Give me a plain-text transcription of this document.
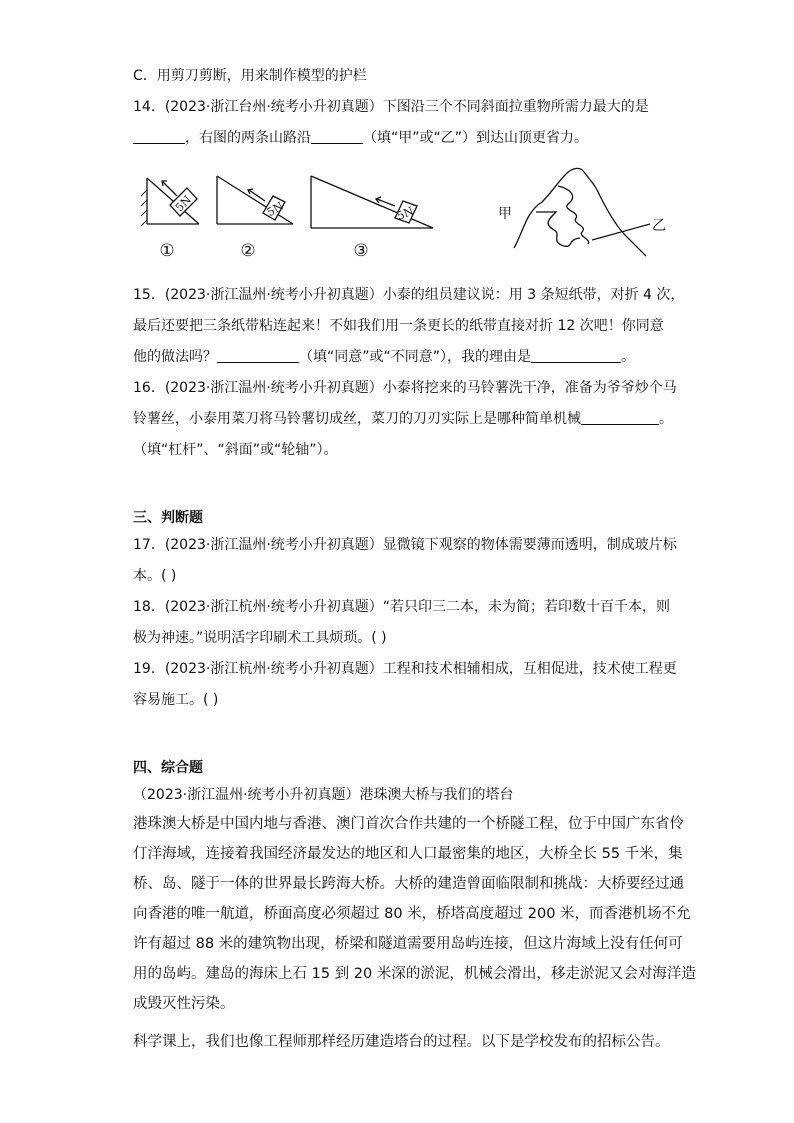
C．用剪刀剪断，用来制作模型的护栏
14．(2023·浙江台州·统考小升初真题）下图沿三个不同斜面拉重物所需力最大的是
，右图的两条山路沿	（填“甲”或“乙”）到达山顶更省力。
5N	5N	5N
①	②	③
甲
乙
15．(2023·浙江温州·统考小升初真题）小泰的组员建议说：用 3 条短纸带，对折 4 次，
最后还要把三条纸带粘连起来！不如我们用一条更长的纸带直接对折 12 次吧！你同意
他的做法吗？	（填“同意”或“不同意”），我的理由是	。
16．(2023·浙江温州·统考小升初真题）小泰将挖来的马铃薯洗干净，准备为爷爷炒个马
铃薯丝，小泰用菜刀将马铃薯切成丝，菜刀的刀刃实际上是哪种简单机械	。
（填“杠杆”、“斜面”或“轮轴”）。
三、判断题
17．(2023·浙江温州·统考小升初真题）显微镜下观察的物体需要薄而透明，制成玻片标
本。( )
18．(2023·浙江杭州·统考小升初真题）“若只印三二本，未为简；若印数十百千本，则
极为神速。”说明活字印刷术工具烦琐。( )
19．(2023·浙江杭州·统考小升初真题）工程和技术相辅相成，互相促进，技术使工程更
容易施工。( )
四、综合题
（2023·浙江温州·统考小升初真题）港珠澳大桥与我们的塔台
港珠澳大桥是中国内地与香港、澳门首次合作共建的一个桥隧工程，位于中国广东省伶
仃洋海域，连接着我国经济最发达的地区和人口最密集的地区，大桥全长 55 千米，集
桥、岛、隧于一体的世界最长跨海大桥。大桥的建造曾面临限制和挑战：大桥要经过通
向香港的唯一航道，桥面高度必须超过 80 米，桥塔高度超过 200 米，而香港机场不允
许有超过 88 米的建筑物出现，桥梁和隧道需要用岛屿连接，但这片海域上没有任何可
用的岛屿。建岛的海床上石 15 到 20 米深的淤泥，机械会滑出，移走淤泥又会对海洋造
成毁灭性污染。
科学课上，我们也像工程师那样经历建造塔台的过程。以下是学校发布的招标公告。
